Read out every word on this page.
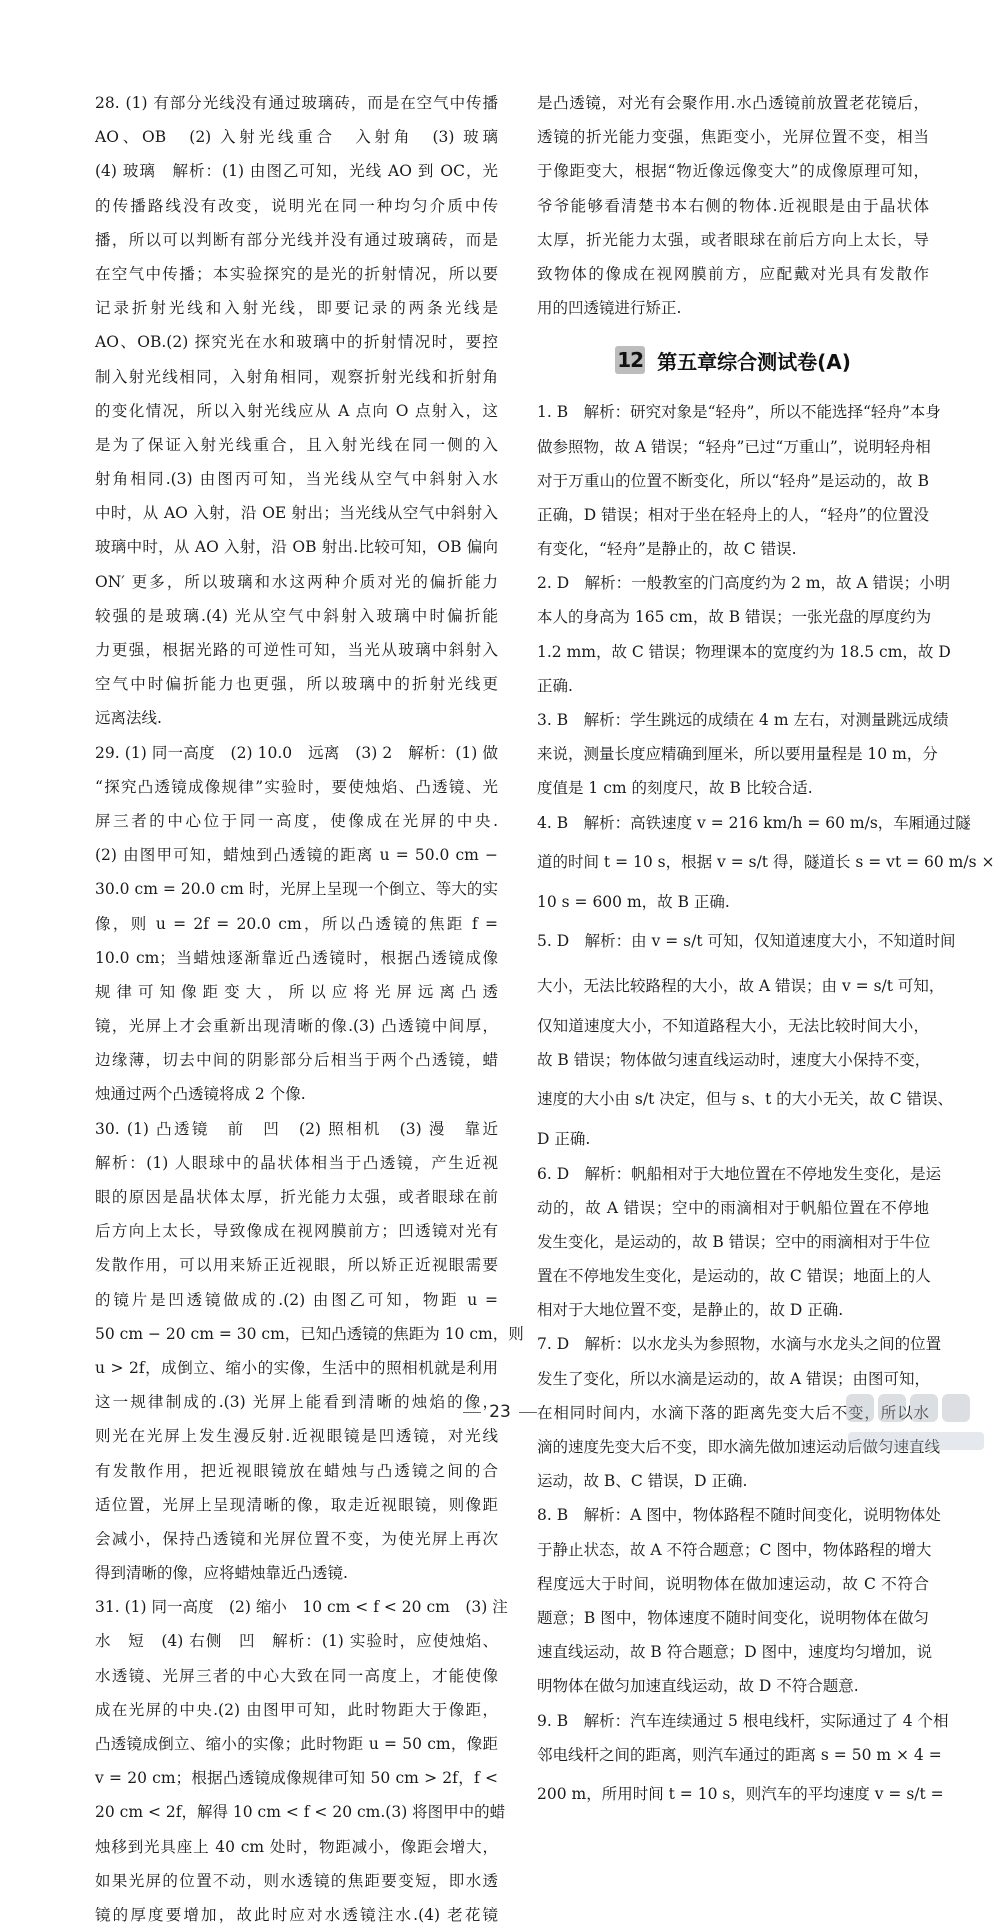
28. (1) 有部分光线没有通过玻璃砖，而是在空气中传播
AO、OB　(2) 入射光线重合　入射角　(3) 玻璃
(4) 玻璃　解析：(1) 由图乙可知，光线 AO 到 OC，光
的传播路线没有改变，说明光在同一种均匀介质中传
播，所以可以判断有部分光线并没有通过玻璃砖，而是
在空气中传播；本实验探究的是光的折射情况，所以要
记录折射光线和入射光线，即要记录的两条光线是
AO、OB.(2) 探究光在水和玻璃中的折射情况时，要控
制入射光线相同，入射角相同，观察折射光线和折射角
的变化情况，所以入射光线应从 A 点向 O 点射入，这
是为了保证入射光线重合，且入射光线在同一侧的入
射角相同.(3) 由图丙可知，当光线从空气中斜射入水
中时，从 AO 入射，沿 OE 射出；当光线从空气中斜射入
玻璃中时，从 AO 入射，沿 OB 射出.比较可知，OB 偏向
ON′ 更多，所以玻璃和水这两种介质对光的偏折能力
较强的是玻璃.(4) 光从空气中斜射入玻璃中时偏折能
力更强，根据光路的可逆性可知，当光从玻璃中斜射入
空气中时偏折能力也更强，所以玻璃中的折射光线更
远离法线.
29. (1) 同一高度　(2) 10.0　远离　(3) 2　解析：(1) 做
“探究凸透镜成像规律”实验时，要使烛焰、凸透镜、光
屏三者的中心位于同一高度，使像成在光屏的中央.
(2) 由图甲可知，蜡烛到凸透镜的距离 u = 50.0 cm −
30.0 cm = 20.0 cm 时，光屏上呈现一个倒立、等大的实
像，则 u = 2f = 20.0 cm，所以凸透镜的焦距 f =
10.0 cm；当蜡烛逐渐靠近凸透镜时，根据凸透镜成像
规律可知像距变大，所以应将光屏远离凸透
镜，光屏上才会重新出现清晰的像.(3) 凸透镜中间厚，
边缘薄，切去中间的阴影部分后相当于两个凸透镜，蜡
烛通过两个凸透镜将成 2 个像.
30. (1) 凸透镜　前　凹　(2) 照相机　(3) 漫　靠近
解析：(1) 人眼球中的晶状体相当于凸透镜，产生近视
眼的原因是晶状体太厚，折光能力太强，或者眼球在前
后方向上太长，导致像成在视网膜前方；凹透镜对光有
发散作用，可以用来矫正近视眼，所以矫正近视眼需要
的镜片是凹透镜做成的.(2) 由图乙可知，物距 u =
50 cm − 20 cm = 30 cm，已知凸透镜的焦距为 10 cm，则
u > 2f，成倒立、缩小的实像，生活中的照相机就是利用
这一规律制成的.(3) 光屏上能看到清晰的烛焰的像，
则光在光屏上发生漫反射.近视眼镜是凹透镜，对光线
有发散作用，把近视眼镜放在蜡烛与凸透镜之间的合
适位置，光屏上呈现清晰的像，取走近视眼镜，则像距
会减小，保持凸透镜和光屏位置不变，为使光屏上再次
得到清晰的像，应将蜡烛靠近凸透镜.
31. (1) 同一高度　(2) 缩小　10 cm < f < 20 cm　(3) 注
水　短　(4) 右侧　凹　解析：(1) 实验时，应使烛焰、
水透镜、光屏三者的中心大致在同一高度上，才能使像
成在光屏的中央.(2) 由图甲可知，此时物距大于像距，
凸透镜成倒立、缩小的实像；此时物距 u = 50 cm，像距
v = 20 cm；根据凸透镜成像规律可知 50 cm > 2f，f <
20 cm < 2f，解得 10 cm < f < 20 cm.(3) 将图甲中的蜡
烛移到光具座上 40 cm 处时，物距减小，像距会增大，
如果光屏的位置不动，则水透镜的焦距要变短，即水透
镜的厚度要增加，故此时应对水透镜注水.(4) 老花镜
是凸透镜，对光有会聚作用.水凸透镜前放置老花镜后，
透镜的折光能力变强，焦距变小，光屏位置不变，相当
于像距变大，根据“物近像远像变大”的成像原理可知，
爷爷能够看清楚书本右侧的物体.近视眼是由于晶状体
太厚，折光能力太强，或者眼球在前后方向上太长，导
致物体的像成在视网膜前方，应配戴对光具有发散作
用的凹透镜进行矫正.
12 第五章综合测试卷(A)
1. B　解析：研究对象是“轻舟”，所以不能选择“轻舟”本身
做参照物，故 A 错误；“轻舟”已过“万重山”，说明轻舟相
对于万重山的位置不断变化，所以“轻舟”是运动的，故 B
正确，D 错误；相对于坐在轻舟上的人，“轻舟”的位置没
有变化，“轻舟”是静止的，故 C 错误.
2. D　解析：一般教室的门高度约为 2 m，故 A 错误；小明
本人的身高为 165 cm，故 B 错误；一张光盘的厚度约为
1.2 mm，故 C 错误；物理课本的宽度约为 18.5 cm，故 D
正确.
3. B　解析：学生跳远的成绩在 4 m 左右，对测量跳远成绩
来说，测量长度应精确到厘米，所以要用量程是 10 m，分
度值是 1 cm 的刻度尺，故 B 比较合适.
4. B　解析：高铁速度 v = 216 km/h = 60 m/s，车厢通过隧
道的时间 t = 10 s，根据 v = s/t 得，隧道长 s = vt = 60 m/s ×
10 s = 600 m，故 B 正确.
5. D　解析：由 v = s/t 可知，仅知道速度大小，不知道时间
大小，无法比较路程的大小，故 A 错误；由 v = s/t 可知，
仅知道速度大小，不知道路程大小，无法比较时间大小，
故 B 错误；物体做匀速直线运动时，速度大小保持不变，
速度的大小由 s/t 决定，但与 s、t 的大小无关，故 C 错误、
D 正确.
6. D　解析：帆船相对于大地位置在不停地发生变化，是运
动的，故 A 错误；空中的雨滴相对于帆船位置在不停地
发生变化，是运动的，故 B 错误；空中的雨滴相对于牛位
置在不停地发生变化，是运动的，故 C 错误；地面上的人
相对于大地位置不变，是静止的，故 D 正确.
7. D　解析：以水龙头为参照物，水滴与水龙头之间的位置
发生了变化，所以水滴是运动的，故 A 错误；由图可知，
在相同时间内，水滴下落的距离先变大后不变，所以水
滴的速度先变大后不变，即水滴先做加速运动后做匀速直线
运动，故 B、C 错误，D 正确.
8. B　解析：A 图中，物体路程不随时间变化，说明物体处
于静止状态，故 A 不符合题意；C 图中，物体路程的增大
程度远大于时间，说明物体在做加速运动，故 C 不符合
题意；B 图中，物体速度不随时间变化，说明物体在做匀
速直线运动，故 B 符合题意；D 图中，速度均匀增加，说
明物体在做匀加速直线运动，故 D 不符合题意.
9. B　解析：汽车连续通过 5 根电线杆，实际通过了 4 个相
邻电线杆之间的距离，则汽车通过的距离 s = 50 m × 4 =
200 m，所用时间 t = 10 s，则汽车的平均速度 v = s/t =
23
